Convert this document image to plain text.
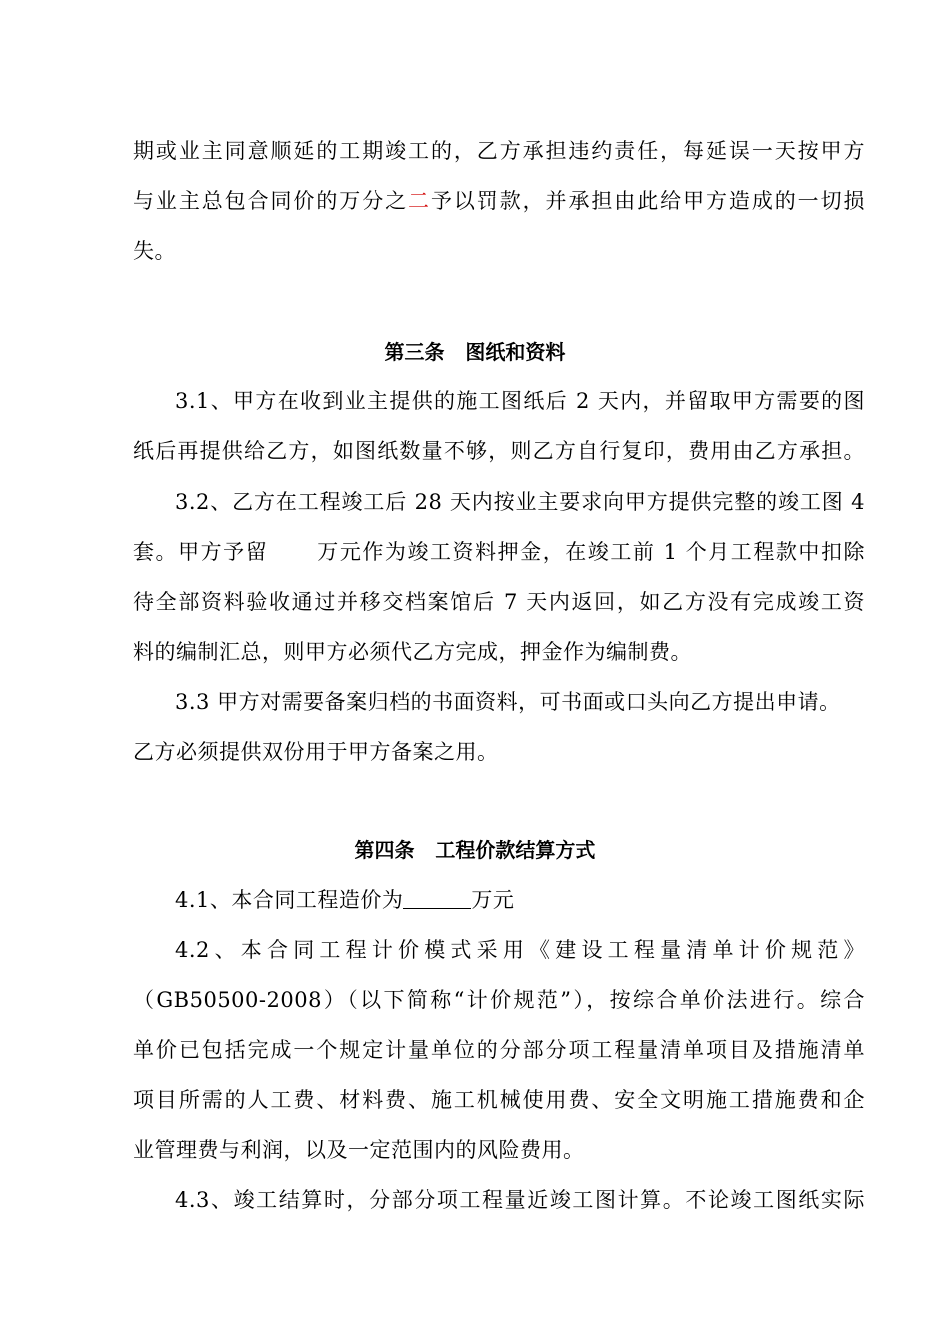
期或业主同意顺延的工期竣工的，乙方承担违约责任，每延误一天按甲方
与业主总包合同价的万分之二予以罚款，并承担由此给甲方造成的一切损
失。
第三条   图纸和资料
3.1、甲方在收到业主提供的施工图纸后 2 天内，并留取甲方需要的图
纸后再提供给乙方，如图纸数量不够，则乙方自行复印，费用由乙方承担。
3.2、乙方在工程竣工后 28 天内按业主要求向甲方提供完整的竣工图 4
套。甲方予留 万元作为竣工资料押金，在竣工前 1 个月工程款中扣除
待全部资料验收通过并移交档案馆后 7 天内返回，如乙方没有完成竣工资
料的编制汇总，则甲方必须代乙方完成，押金作为编制费。
3.3 甲方对需要备案归档的书面资料，可书面或口头向乙方提出申请。
乙方必须提供双份用于甲方备案之用。
第四条   工程价款结算方式
4.1、本合同工程造价为	万元
4.2、本合同工程计价模式采用《建设工程量清单计价规范》
（GB50500-2008）（以下简称“计价规范”），按综合单价法进行。综合
单价已包括完成一个规定计量单位的分部分项工程量清单项目及措施清单
项目所需的人工费、材料费、施工机械使用费、安全文明施工措施费和企
业管理费与利润，以及一定范围内的风险费用。
4.3、竣工结算时，分部分项工程量近竣工图计算。不论竣工图纸实际
